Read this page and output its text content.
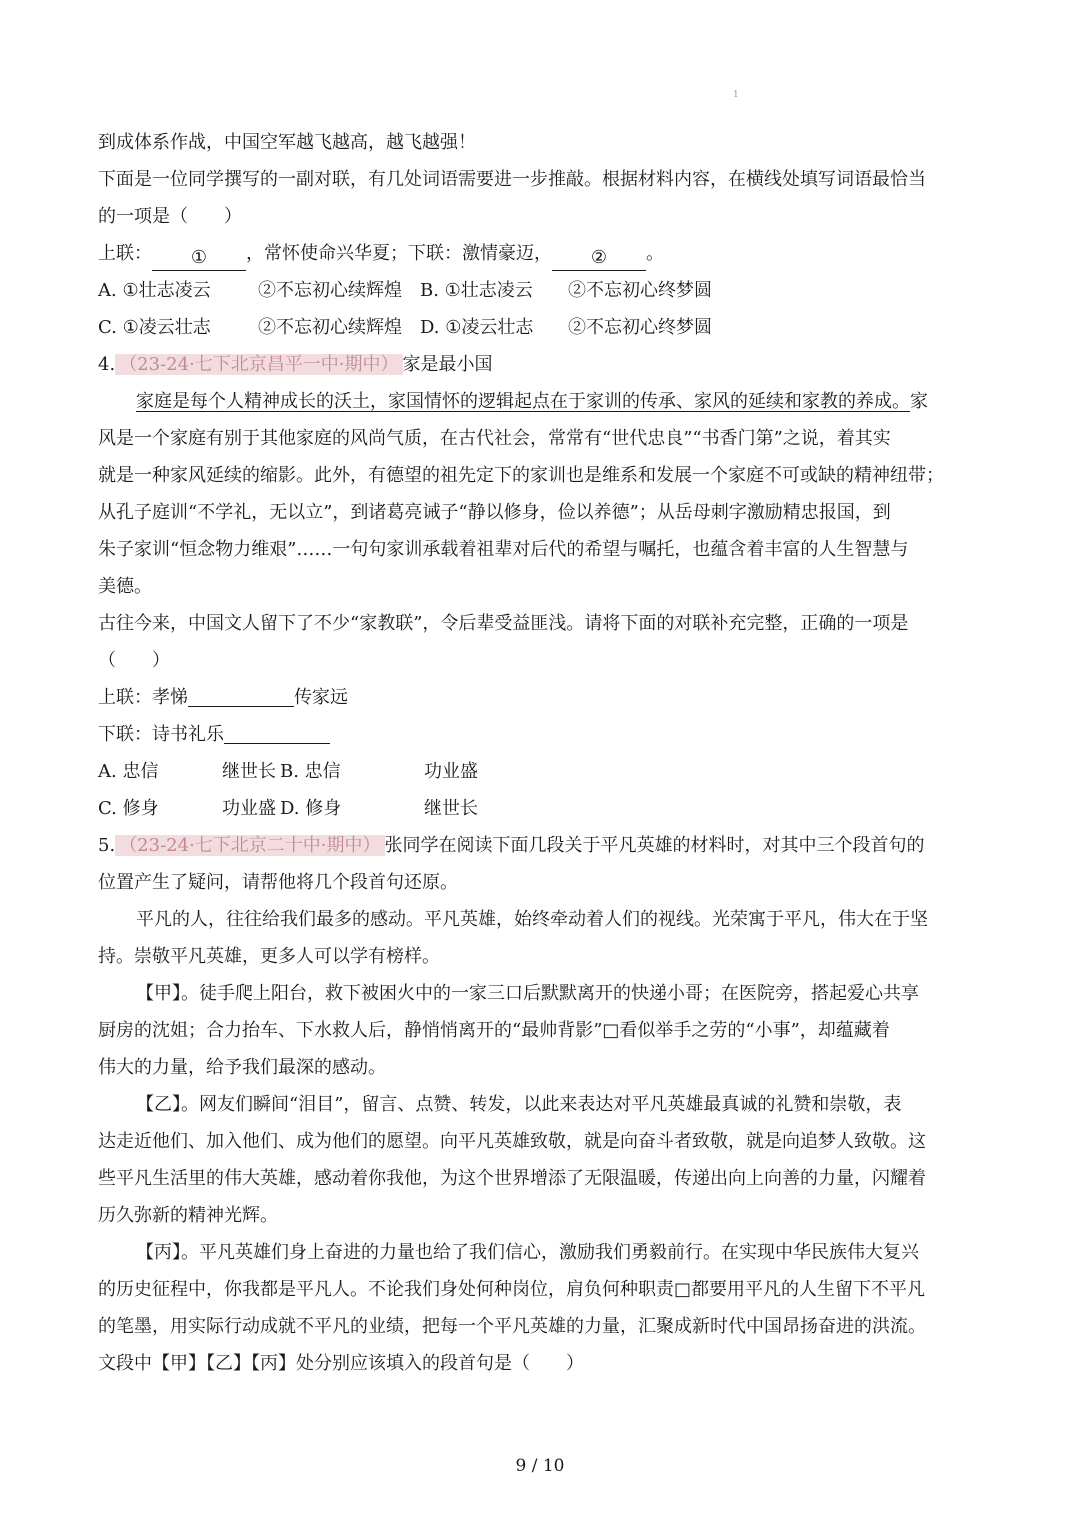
1
到成体系作战，中国空军越飞越高，越飞越强！
下面是一位同学撰写的一副对联，有几处词语需要进一步推敲。根据材料内容，在横线处填写词语最恰当
的一项是（　　）
上联： ① ，常怀使命兴华夏；下联：激情豪迈， ② 。
A. ①壮志凌云	②不忘初心续辉煌 B. ①壮志凌云 ②不忘初心终梦圆
C. ①凌云壮志	②不忘初心续辉煌 D. ①凌云壮志 ②不忘初心终梦圆
4. （23-24·七下北京昌平一中·期中） 家是最小国
家庭是每个人精神成长的沃土，家国情怀的逻辑起点在于家训的传承、家风的延续和家教的养成。家
风是一个家庭有别于其他家庭的风尚气质，在古代社会，常常有“世代忠良”“书香门第”之说，着其实
就是一种家风延续的缩影。此外，有德望的祖先定下的家训也是维系和发展一个家庭不可或缺的精神纽带；
从孔子庭训“不学礼，无以立”，到诸葛亮诫子“静以修身，俭以养德”；从岳母刺字激励精忠报国，到
朱子家训“恒念物力维艰”……一句句家训承载着祖辈对后代的希望与嘱托，也蕴含着丰富的人生智慧与
美德。
古往今来，中国文人留下了不少“家教联”，令后辈受益匪浅。请将下面的对联补充完整，正确的一项是
（　　）
上联：孝悌	传家远
下联：诗书礼乐
A. 忠信	继世长 B. 忠信	功业盛
C. 修身	功业盛 D. 修身	继世长
5. （23-24·七下北京二十中·期中） 张同学在阅读下面几段关于平凡英雄的材料时，对其中三个段首句的
位置产生了疑问，请帮他将几个段首句还原。
平凡的人，往往给我们最多的感动。平凡英雄，始终牵动着人们的视线。光荣寓于平凡，伟大在于坚
持。崇敬平凡英雄，更多人可以学有榜样。
【甲】。徒手爬上阳台，救下被困火中的一家三口后默默离开的快递小哥；在医院旁，搭起爱心共享
厨房的沈姐；合力抬车、下水救人后，静悄悄离开的“最帅背影”□看似举手之劳的“小事”，却蕴藏着
伟大的力量，给予我们最深的感动。
【乙】。网友们瞬间“泪目”，留言、点赞、转发，以此来表达对平凡英雄最真诚的礼赞和崇敬，表
达走近他们、加入他们、成为他们的愿望。向平凡英雄致敬，就是向奋斗者致敬，就是向追梦人致敬。这
些平凡生活里的伟大英雄，感动着你我他，为这个世界增添了无限温暖，传递出向上向善的力量，闪耀着
历久弥新的精神光辉。
【丙】。平凡英雄们身上奋进的力量也给了我们信心，激励我们勇毅前行。在实现中华民族伟大复兴
的历史征程中，你我都是平凡人。不论我们身处何种岗位，肩负何种职责□都要用平凡的人生留下不平凡
的笔墨，用实际行动成就不平凡的业绩，把每一个平凡英雄的力量，汇聚成新时代中国昂扬奋进的洪流。
文段中【甲】【乙】【丙】处分别应该填入的段首句是（　　）
9 / 10
